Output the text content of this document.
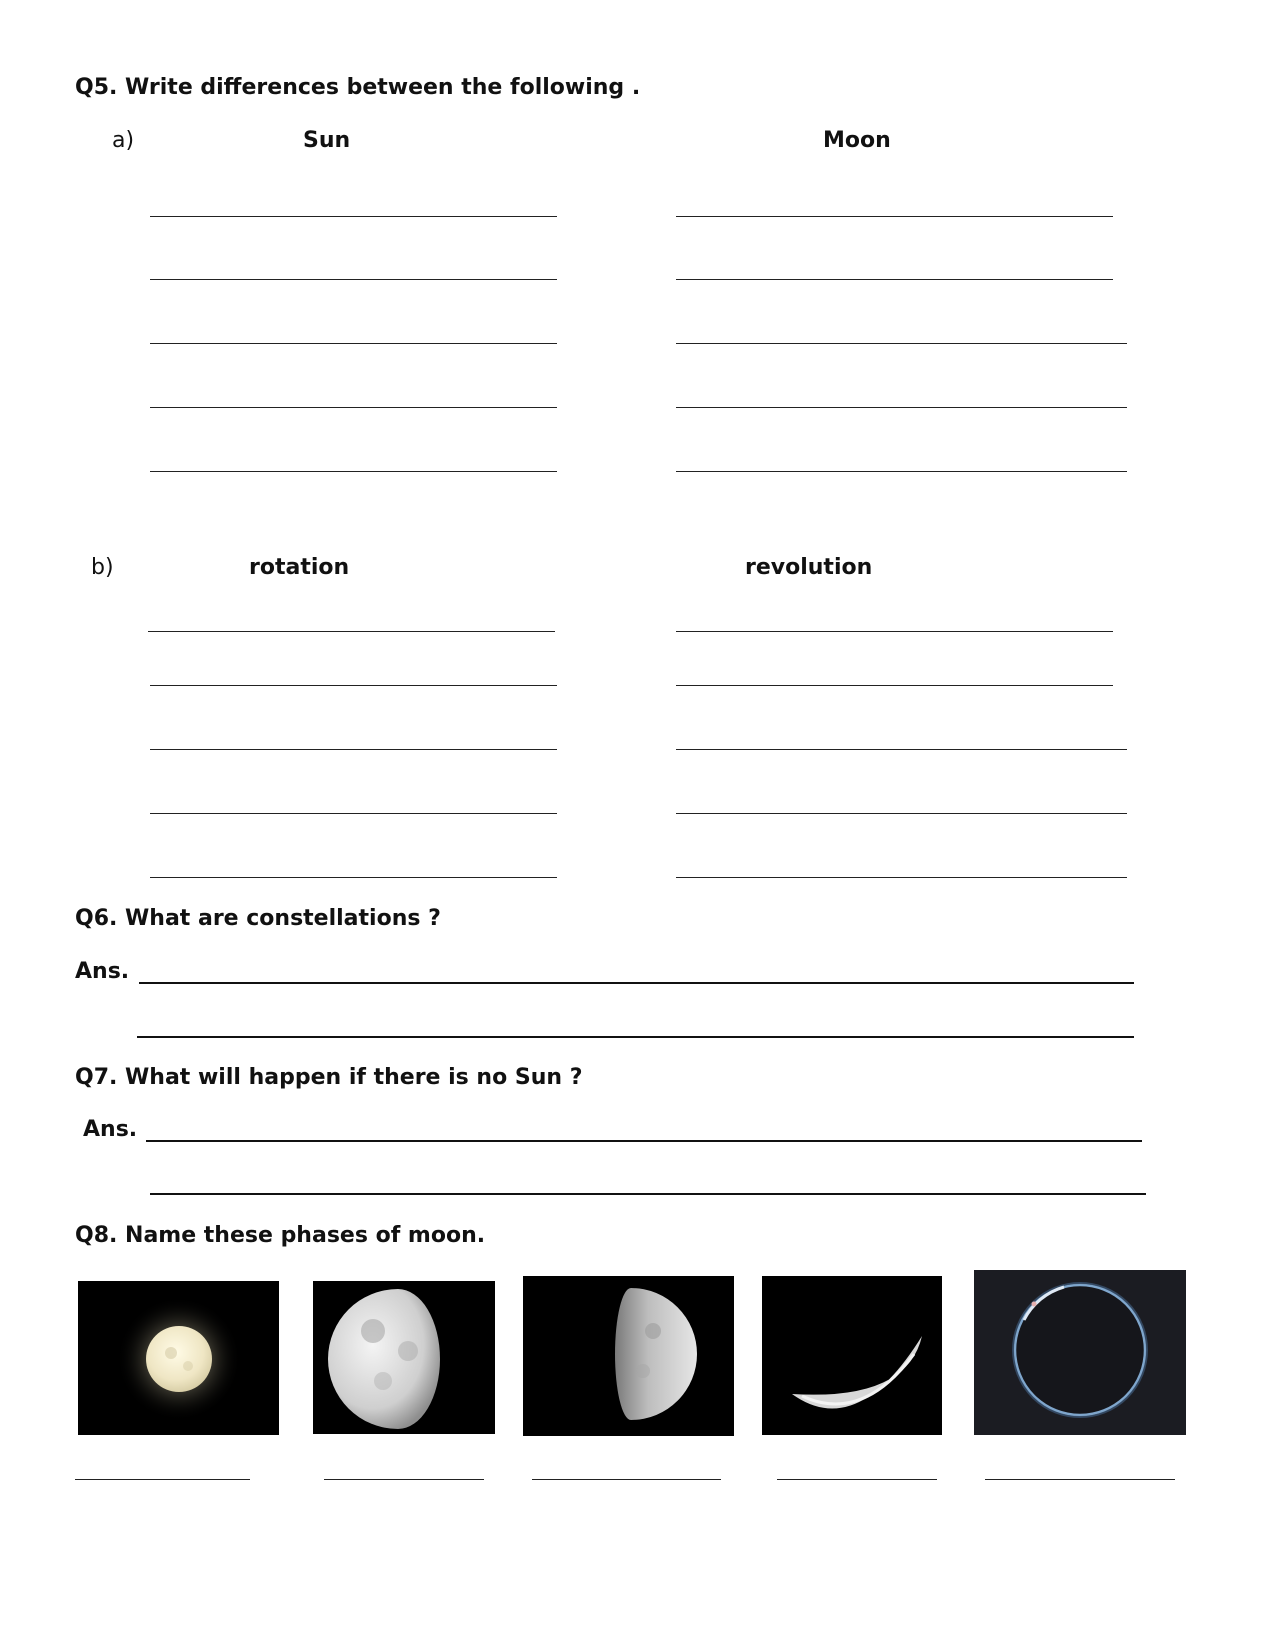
Q5. Write differences between the following .
a)	Sun	Moon
b)	rotation	revolution
Q6. What are constellations ?
Ans.
Q7. What will happen if there is no Sun ?
Ans.
Q8. Name these phases of moon.
